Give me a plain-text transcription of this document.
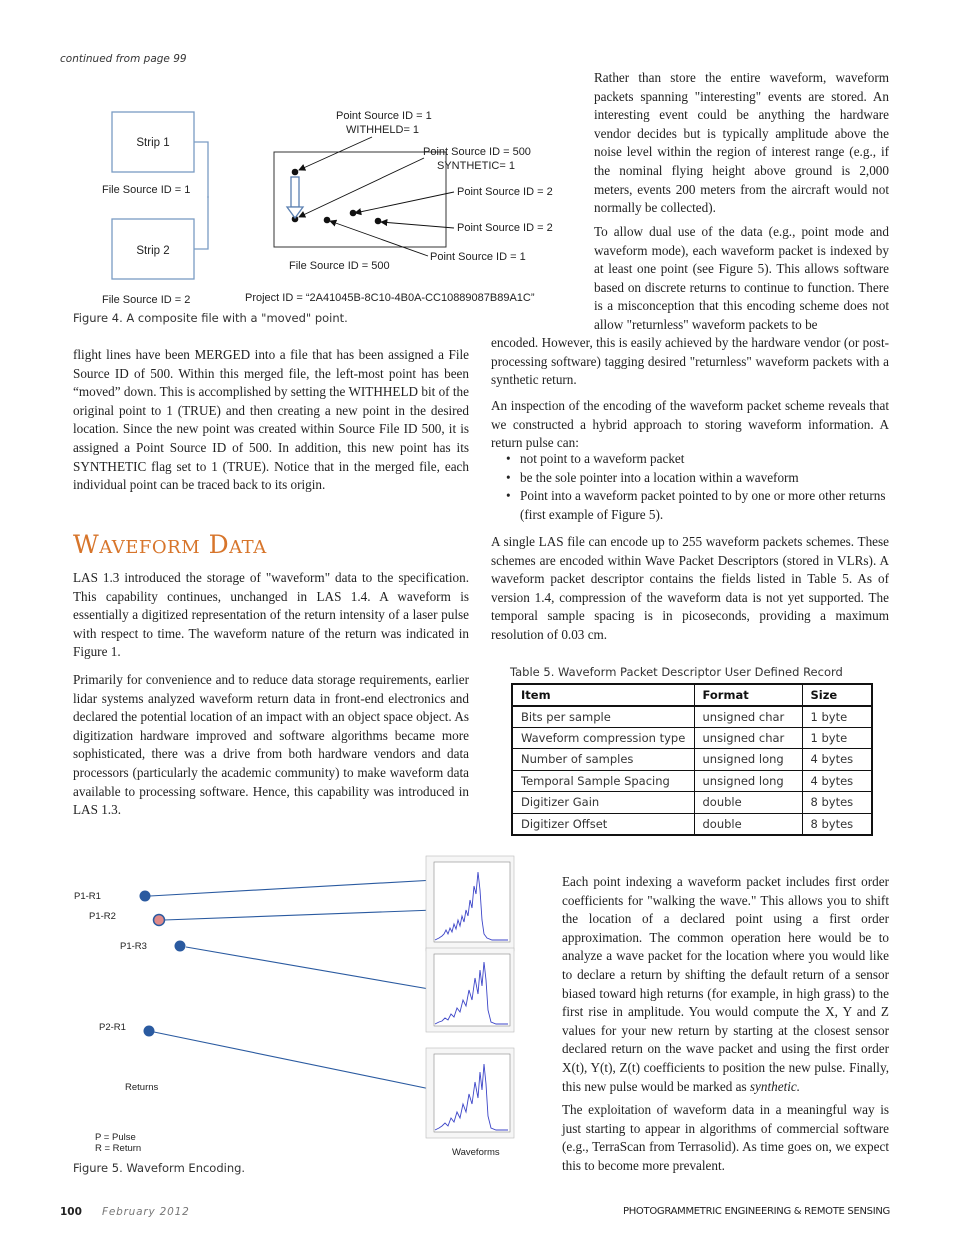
continued from page 99
Strip 1
Strip 2
File Source ID = 1
File Source ID = 2
File Source ID = 500
Project ID = “2A41045B-8C10-4B0A-CC10889087B89A1C”
Point Source ID = 1
WITHHELD= 1
Point Source ID = 500
SYNTHETIC= 1
Point Source ID = 2
Point Source ID = 2
Point Source ID = 1
Figure 4. A composite file with a "moved" point.
flight lines have been MERGED into a file that has been assigned a File Source ID of 500. Within this merged file, the left-most point has been “moved” down. This is accomplished by setting the WITHHELD bit of the original point to 1 (TRUE) and then creating a new point in the desired location. Since the new point was created within Source File ID 500, it is assigned a Point Source ID of 500. In addition, this new point has its SYNTHETIC flag set to 1 (TRUE). Notice that in the merged file, each individual point can be traced back to its origin.
Waveform Data
LAS 1.3 introduced the storage of "waveform" data to the specification. This capability continues, unchanged in LAS 1.4. A waveform is essentially a digitized representation of the return intensity of a laser pulse with respect to time. The waveform nature of the return was indicated in Figure 1.
Primarily for convenience and to reduce data storage requirements, earlier lidar systems analyzed waveform return data in front-end electronics and declared the potential location of an impact with an object space object. As digitization hardware improved and software algorithms became more sophisticated, there was a drive from both hardware vendors and data processors (particularly the academic community) to make waveform data available to processing software. Hence, this capability was introduced in LAS 1.3.
Rather than store the entire waveform, waveform packets spanning "interesting" events are stored. An interesting event could be anything the hardware vendor decides but is typically amplitude above the noise level within the region of interest range (e.g., if the nominal flying height above ground is 2,000 meters, events 200 meters from the aircraft would not normally be collected).
To allow dual use of the data (e.g., point mode and waveform mode), each waveform packet is indexed by at least one point (see Figure 5). This allows software based on discrete returns to continue to function. There is a misconception that this encoding scheme does not allow "returnless" waveform packets to be
encoded. However, this is easily achieved by the hardware vendor (or post-processing software) tagging desired "returnless" waveform packets with a synthetic return.
An inspection of the encoding of the waveform packet scheme reveals that we constructed a hybrid approach to storing waveform information. A return pulse can:
• not point to a waveform packet
• be the sole pointer into a location within a waveform
• Point into a waveform packet pointed to by one or more other returns (first example of Figure 5).
A single LAS file can encode up to 255 waveform packets schemes. These schemes are encoded within Wave Packet Descriptors (stored in VLRs). A waveform packet descriptor contains the fields listed in Table 5. As of version 1.4, compression of the waveform data is not yet supported. The temporal sample spacing is in picoseconds, providing a maximum resolution of 0.03 cm.
Table 5. Waveform Packet Descriptor User Defined Record
Item	Format	Size
Bits per sample	unsigned char	1 byte
Waveform compression type	unsigned char	1 byte
Number of samples	unsigned long	4 bytes
Temporal Sample Spacing	unsigned long	4 bytes
Digitizer Gain	double	8 bytes
Digitizer Offset	double	8 bytes
P1-R1
P1-R2
P1-R3
P2-R1
Returns
P = Pulse
R = Return	Waveforms
Figure 5. Waveform Encoding.
Each point indexing a waveform packet includes first order coefficients for "walking the wave." This allows you to shift the location of a declared point using a first order approximation. The common operation here would be to analyze a wave packet for the location where you would like to declare a return by shifting the default return of a sensor biased toward high returns (for example, in high grass) to the first rise in amplitude. You would compute the X, Y and Z values for your new return by starting at the closest sensor declared return on the wave packet and using the first order X(t), Y(t), Z(t) coefficients to position the new pulse. Finally, this new pulse would be marked as synthetic.
The exploitation of waveform data in a meaningful way is just starting to appear in algorithms of commercial software (e.g., TerraScan from Terrasolid). As time goes on, we expect this to become more prevalent.
100 February 2012	PHOTOGRAMMETRIC ENGINEERING & REMOTE SENSING
